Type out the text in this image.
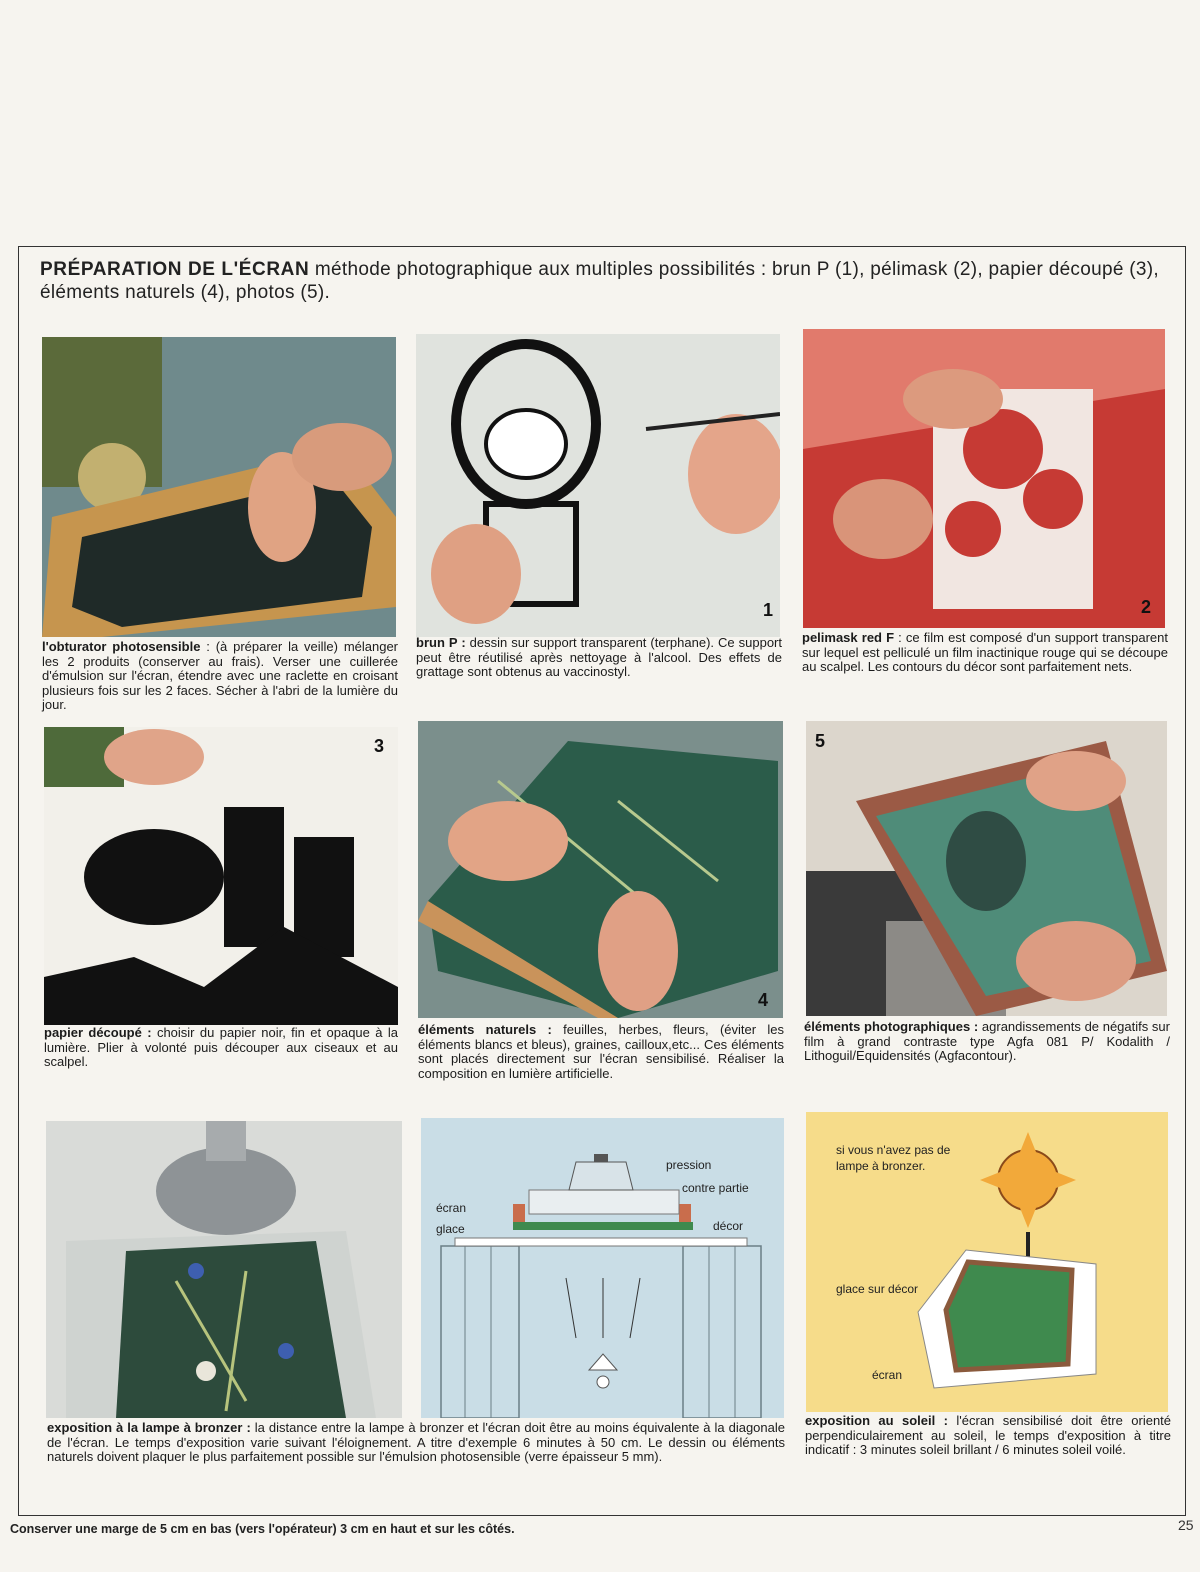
PRÉPARATION DE L'ÉCRAN méthode photographique aux multiples possibilités : brun P (1), pélimask (2), papier découpé (3), éléments naturels (4), photos (5).
1	2
l'obturator photosensible : (à préparer la veille) mélanger les 2 produits (conserver au frais). Verser une cuillerée d'émulsion sur l'écran, étendre avec une raclette en croisant plusieurs fois sur les 2 faces. Sécher à l'abri de la lumière du jour.
brun P : dessin sur support transparent (terphane). Ce support peut être réutilisé après nettoyage à l'alcool. Des effets de grattage sont obtenus au vaccinostyl.
pelimask red F : ce film est composé d'un support transparent sur lequel est pelliculé un film inactinique rouge qui se découpe au scalpel. Les contours du décor sont parfaitement nets.
3
4
5
papier découpé : choisir du papier noir, fin et opaque à la lumière. Plier à volonté puis découper aux ciseaux et au scalpel.
éléments naturels : feuilles, herbes, fleurs, (éviter les éléments blancs et bleus), graines, cailloux,etc... Ces éléments sont placés directement sur l'écran sensibilisé. Réaliser la composition en lumière artificielle.
éléments photographiques : agrandissements de négatifs sur film à grand contraste type Agfa 081 P/ Kodalith / Lithoguil/Equidensités (Agfacontour).
pression
contre partie
écran
glace	décor
si vous n'avez pas de lampe à bronzer.
glace sur décor
écran
exposition à la lampe à bronzer : la distance entre la lampe à bronzer et l'écran doit être au moins équivalente à la diagonale de l'écran. Le temps d'exposition varie suivant l'éloignement. A titre d'exemple 6 minutes à 50 cm. Le dessin ou éléments naturels doivent plaquer le plus parfaitement possible sur l'émulsion photosensible (verre épaisseur 5 mm).
exposition au soleil : l'écran sensibilisé doit être orienté perpendiculairement au soleil, le temps d'exposition à titre indicatif : 3 minutes soleil brillant / 6 minutes soleil voilé.
Conserver une marge de 5 cm en bas (vers l'opérateur) 3 cm en haut et sur les côtés.	25
